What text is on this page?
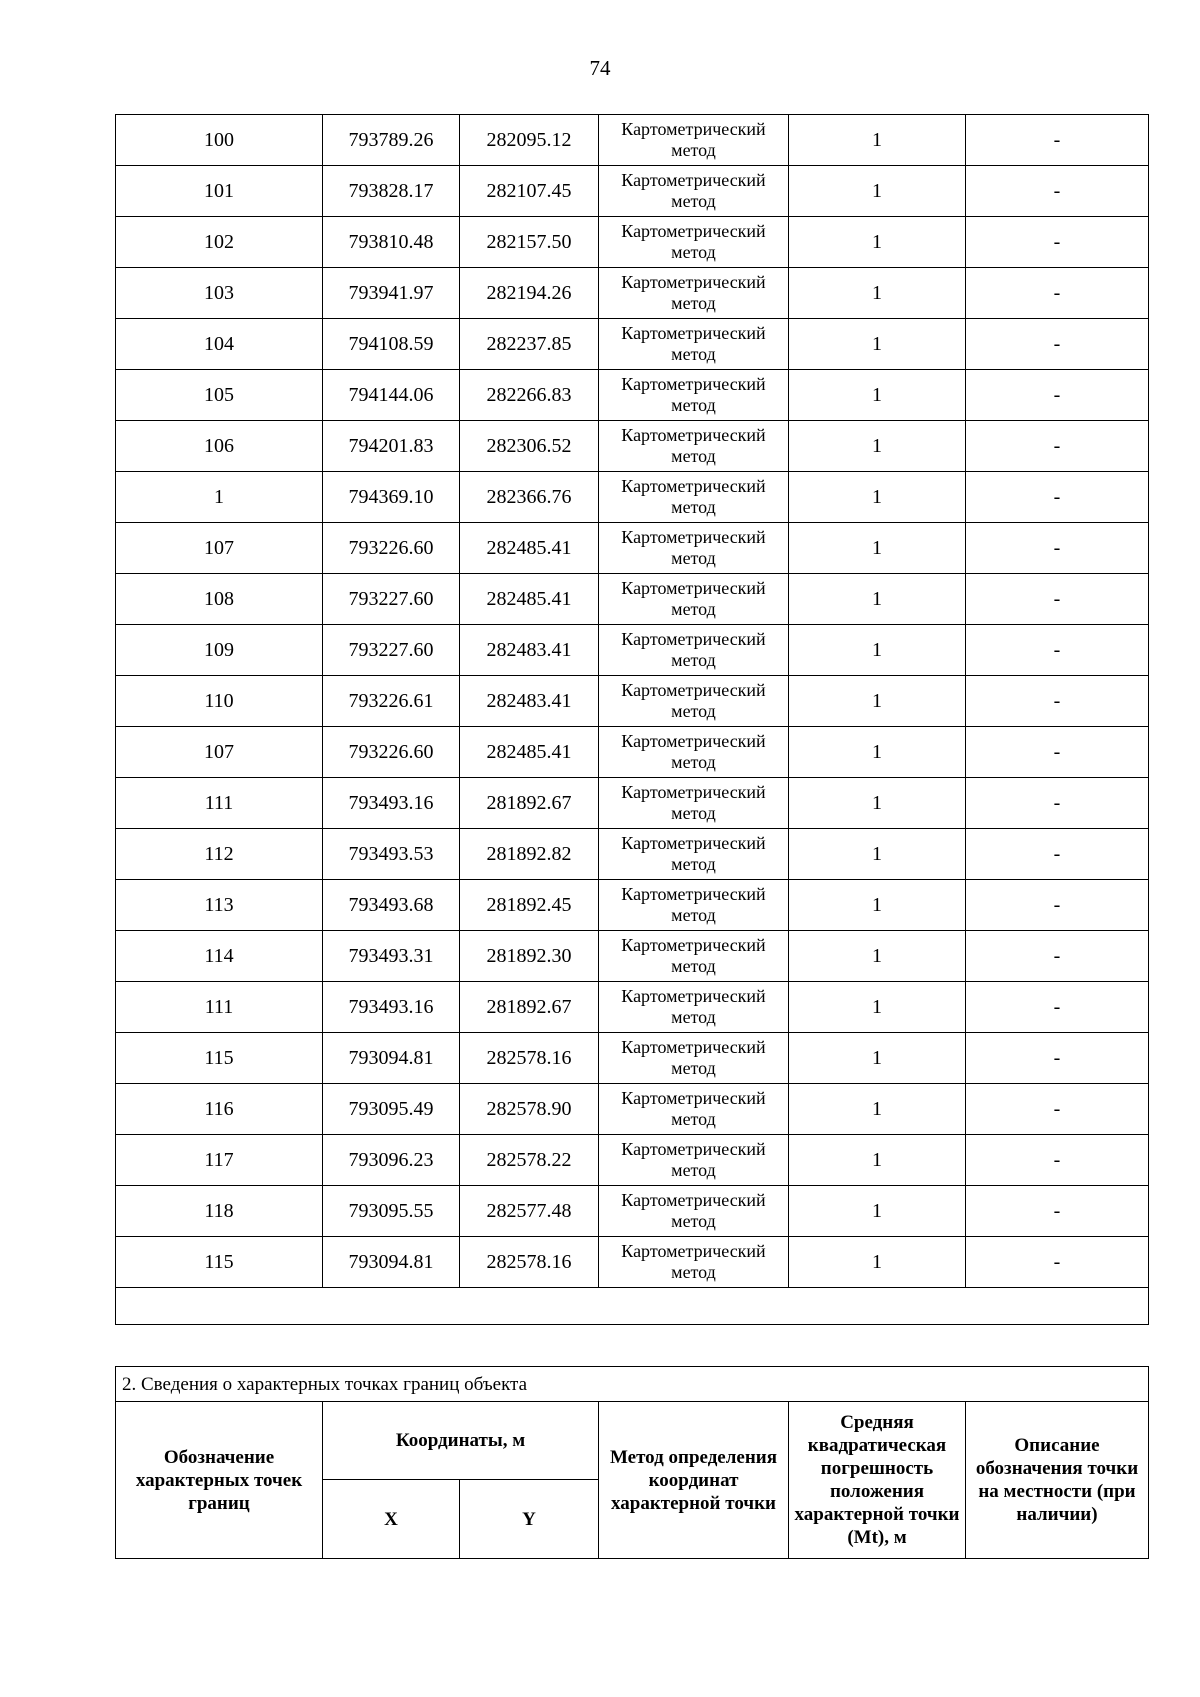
74
100	793789.26	282095.12	Картометрический метод	1	-
101	793828.17	282107.45	Картометрический метод	1	-
102	793810.48	282157.50	Картометрический метод	1	-
103	793941.97	282194.26	Картометрический метод	1	-
104	794108.59	282237.85	Картометрический метод	1	-
105	794144.06	282266.83	Картометрический метод	1	-
106	794201.83	282306.52	Картометрический метод	1	-
1	794369.10	282366.76	Картометрический метод	1	-
107	793226.60	282485.41	Картометрический метод	1	-
108	793227.60	282485.41	Картометрический метод	1	-
109	793227.60	282483.41	Картометрический метод	1	-
110	793226.61	282483.41	Картометрический метод	1	-
107	793226.60	282485.41	Картометрический метод	1	-
111	793493.16	281892.67	Картометрический метод	1	-
112	793493.53	281892.82	Картометрический метод	1	-
113	793493.68	281892.45	Картометрический метод	1	-
114	793493.31	281892.30	Картометрический метод	1	-
111	793493.16	281892.67	Картометрический метод	1	-
115	793094.81	282578.16	Картометрический метод	1	-
116	793095.49	282578.90	Картометрический метод	1	-
117	793096.23	282578.22	Картометрический метод	1	-
118	793095.55	282577.48	Картометрический метод	1	-
115	793094.81	282578.16	Картометрический метод	1	-

2. Сведения о характерных точках границ объекта					
Обозначение характерных точек границ	Координаты, м		Метод определения координат характерной точки	Средняя квадратическая погрешность положения характерной точки (Mt), м	Описание обозначения точки на местности (при наличии)
	X	Y			
